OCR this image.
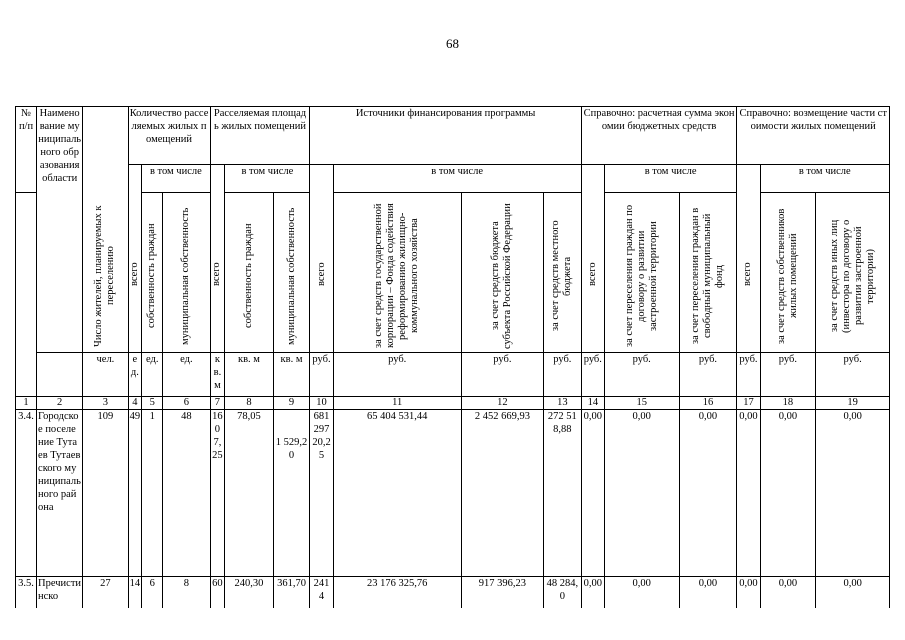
68
№ п/п	Наименование муниципального образования области	Число жителей, планируемых к переселению	Количество расселяемых жилых помещений			Расселяемая площадь жилых помещений			Источники финансирования программы				Справочно: расчетная сумма экономии бюджетных средств			Справочно: возмещение части стоимости жилых помещений		

			всего	в том числе		всего	в том числе		всего	в том числе			всего	в том числе		всего	в том числе	

				собственность граждан	муниципальная собственность		собственность граждан	муниципальная собственность		за счет средств государственной корпорации – Фонда содействия реформированию жилищно-коммунального хозяйства	за счет средств бюджета субъекта Российской Федерации	за счет средств местного бюджета		за счет переселения граждан по договору о развитии застроенной территории	за счет переселения граждан в свободный муниципальный фонд		за счет средств собственников жилых помещений	за счет средств иных лиц (инвестора по договору о развитии застроенной территории)

		чел.	ед.	ед.	ед.	кв. м	кв. м	кв. м	руб.	руб.	руб.	руб.	руб.	руб.	руб.	руб.	руб.	руб.
1	2	3	4	5	6	7	8	9	10	11	12	13	14	15	16	17	18	19
3.4.	Городское поселение Тутаев Тутаевского муниципального района	109	49	1	48	1607,25	78,05	1 529,20	68129720,25	65 404 531,44	2 452 669,93	272 518,88	0,00	0,00	0,00	0,00	0,00	0,00
3.5.	Пречистинско	27	14	6	8	60	240,30	361,70	2414	23 176 325,76	917 396,23	48 284,0	0,00	0,00	0,00	0,00	0,00	0,00
